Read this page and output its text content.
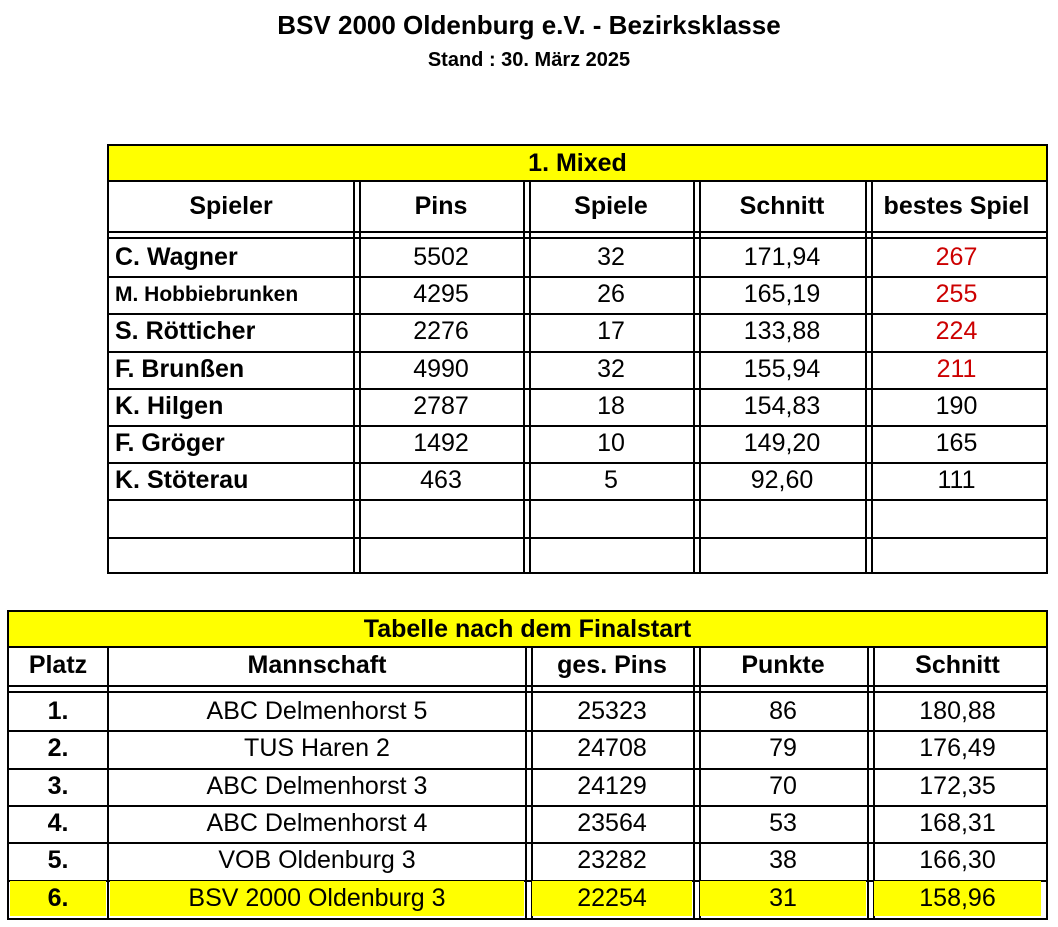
BSV 2000 Oldenburg e.V. - Bezirksklasse
Stand : 30. März 2025
1. Mixed
Spieler	Pins	Spiele	Schnitt	bestes Spiel
C. Wagner	5502	32	171,94	267
M. Hobbiebrunken	4295	26	165,19	255
S. Rötticher	2276	17	133,88	224
F. Brunßen	4990	32	155,94	211
K. Hilgen	2787	18	154,83	190
F. Gröger	1492	10	149,20	165
K. Stöterau	463	5	92,60	111
Tabelle nach dem Finalstart
Platz	Mannschaft	ges. Pins	Punkte	Schnitt
1.	ABC Delmenhorst 5	25323	86	180,88
2.	TUS Haren 2	24708	79	176,49
3.	ABC Delmenhorst 3	24129	70	172,35
4.	ABC Delmenhorst 4	23564	53	168,31
5.	VOB Oldenburg 3	23282	38	166,30
6.	BSV 2000 Oldenburg 3	22254	31	158,96
